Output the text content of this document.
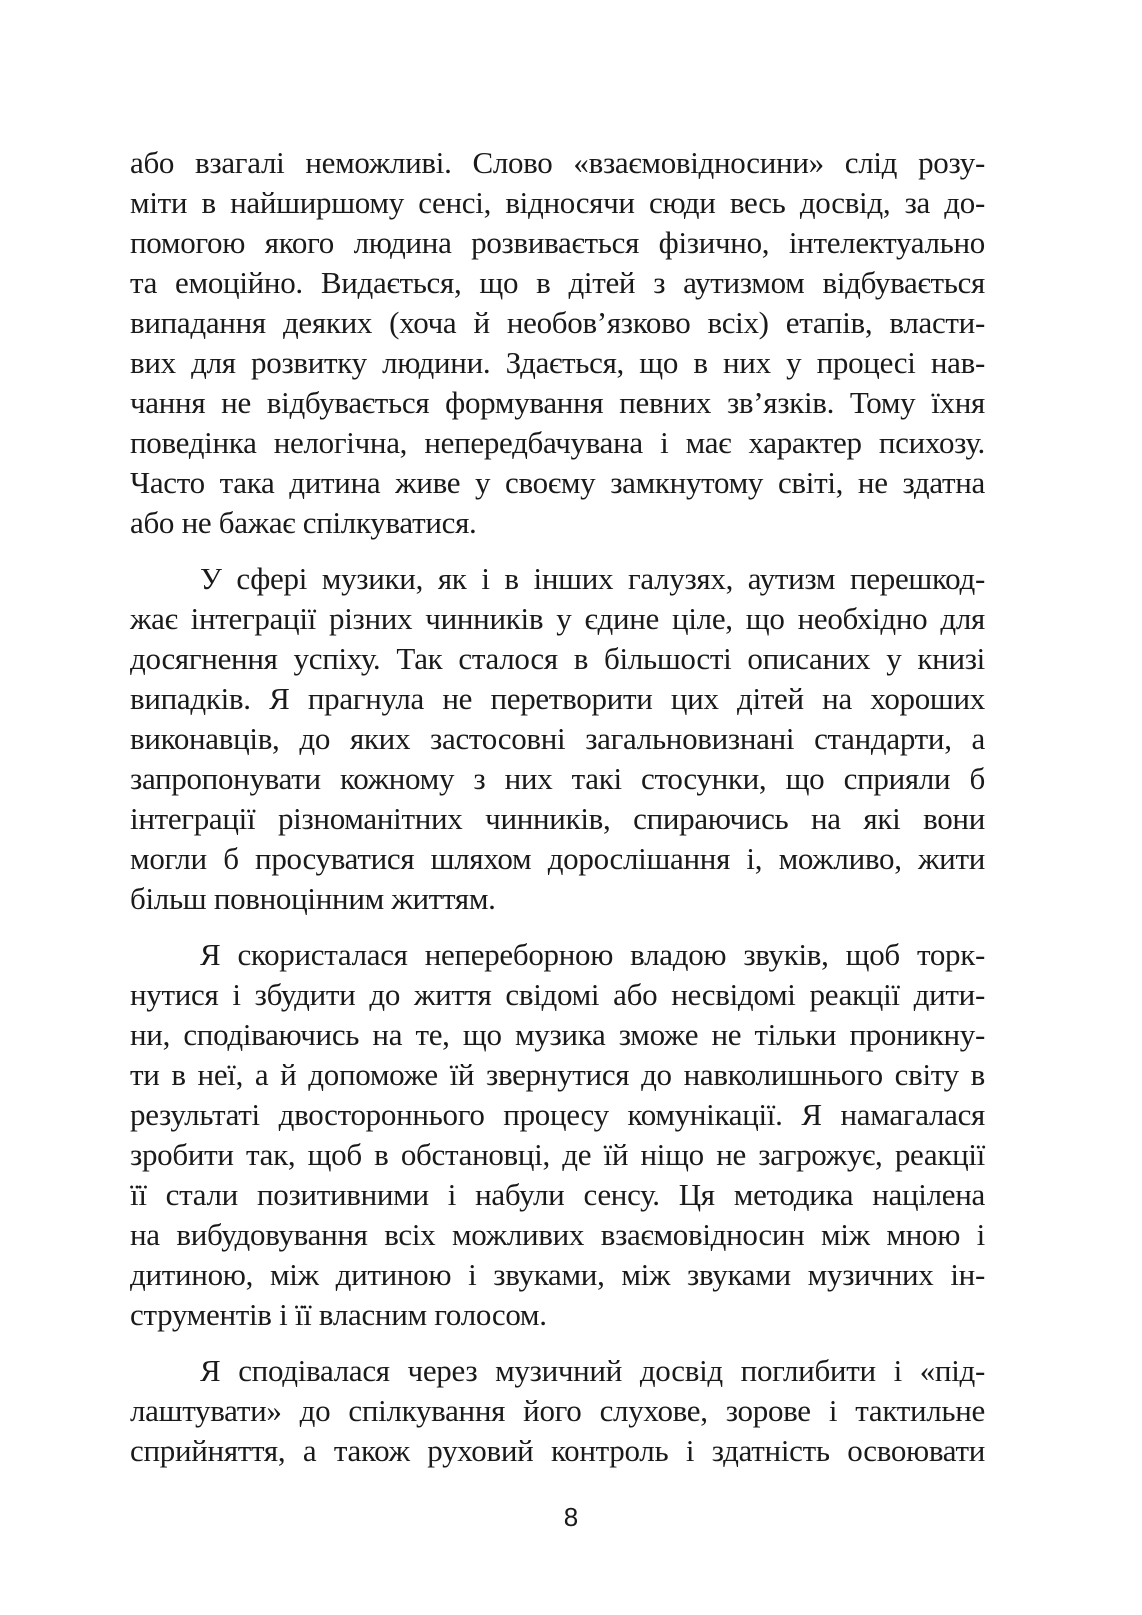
або взагалі неможливі. Слово «взаємовідносини» слід розу-
міти в найширшому сенсі, відносячи сюди весь досвід, за до-
помогою якого людина розвивається фізично, інтелектуально
та емоційно. Видається, що в дітей з аутизмом відбувається
випадання деяких (хоча й необов’язково всіх) етапів, власти-
вих для розвитку людини. Здається, що в них у процесі нав-
чання не відбувається формування певних зв’язків. Тому їхня
поведінка нелогічна, непередбачувана і має характер психозу.
Часто така дитина живе у своєму замкнутому світі, не здатна
або не бажає спілкуватися.
У сфері музики, як і в інших галузях, аутизм перешкод-
жає інтеграції різних чинників у єдине ціле, що необхідно для
досягнення успіху. Так сталося в більшості описаних у книзі
випадків. Я прагнула не перетворити цих дітей на хороших
виконавців, до яких застосовні загальновизнані стандарти, а
запропонувати кожному з них такі стосунки, що сприяли б
інтеграції різноманітних чинників, спираючись на які вони
могли б просуватися шляхом дорослішання і, можливо, жити
більш повноцінним життям.
Я скористалася непереборною владою звуків, щоб торк-
нутися і збудити до життя свідомі або несвідомі реакції дити-
ни, сподіваючись на те, що музика зможе не тільки проникну-
ти в неї, а й допоможе їй звернутися до навколишнього світу в
результаті двостороннього процесу комунікації. Я намагалася
зробити так, щоб в обстановці, де їй ніщо не загрожує, реакції
її стали позитивними і набули сенсу. Ця методика націлена
на вибудовування всіх можливих взаємовідносин між мною і
дитиною, між дитиною і звуками, між звуками музичних ін-
струментів і її власним голосом.
Я сподівалася через музичний досвід поглибити і «під-
лаштувати» до спілкування його слухове, зорове і тактильне
сприйняття, а також руховий контроль і здатність освоювати
8
